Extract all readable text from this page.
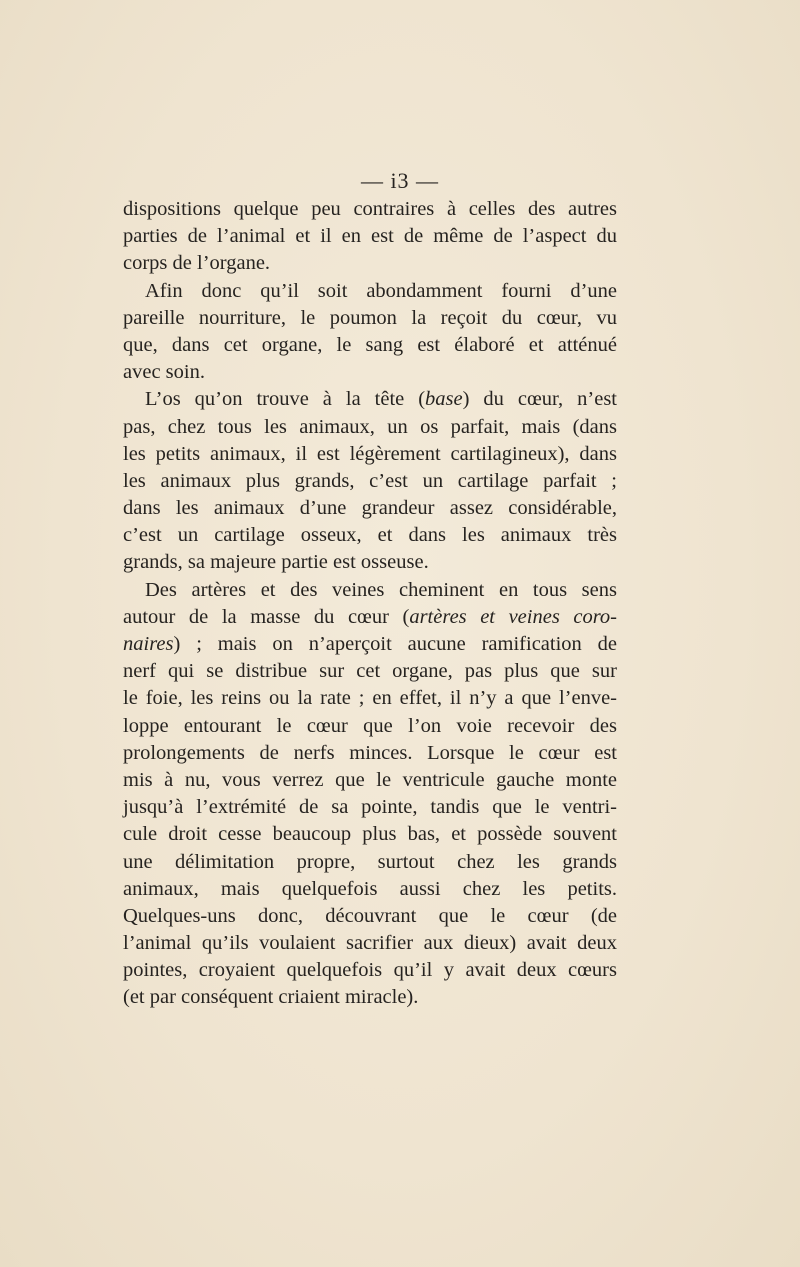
— i3 —
dispositions quelque peu contraires à celles des autres
parties de l’animal et il en est de même de l’aspect du
corps de l’organe.
Afin donc qu’il soit abondamment fourni d’une
pareille nourriture, le poumon la reçoit du cœur, vu
que, dans cet organe, le sang est élaboré et atténué
avec soin.
L’os qu’on trouve à la tête (base) du cœur, n’est
pas, chez tous les animaux, un os parfait, mais (dans
les petits animaux, il est légèrement cartilagineux), dans
les animaux plus grands, c’est un cartilage parfait ;
dans les animaux d’une grandeur assez considérable,
c’est un cartilage osseux, et dans les animaux très
grands, sa majeure partie est osseuse.
Des artères et des veines cheminent en tous sens
autour de la masse du cœur (artères et veines coro-
naires) ; mais on n’aperçoit aucune ramification de
nerf qui se distribue sur cet organe, pas plus que sur
le foie, les reins ou la rate ; en effet, il n’y a que l’enve-
loppe entourant le cœur que l’on voie recevoir des
prolongements de nerfs minces. Lorsque le cœur est
mis à nu, vous verrez que le ventricule gauche monte
jusqu’à l’extrémité de sa pointe, tandis que le ventri-
cule droit cesse beaucoup plus bas, et possède souvent
une délimitation propre, surtout chez les grands
animaux, mais quelquefois aussi chez les petits.
Quelques-uns donc, découvrant que le cœur (de
l’animal qu’ils voulaient sacrifier aux dieux) avait deux
pointes, croyaient quelquefois qu’il y avait deux cœurs
(et par conséquent criaient miracle).
